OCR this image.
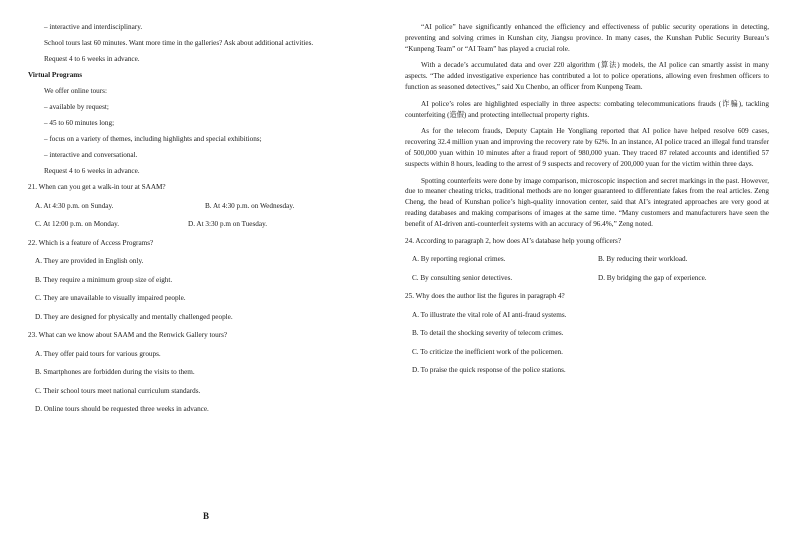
– interactive and interdisciplinary.
School tours last 60 minutes. Want more time in the galleries? Ask about additional activities.
Request 4 to 6 weeks in advance.
Virtual Programs
We offer online tours:
– available by request;
– 45 to 60 minutes long;
– focus on a variety of themes, including highlights and special exhibitions;
– interactive and conversational.
Request 4 to 6 weeks in advance.
21. When can you get a walk-in tour at SAAM?
A. At 4:30 p.m. on Sunday.	B. At 4:30 p.m. on Wednesday.
C. At 12:00 p.m. on Monday.	D. At 3:30 p.m on Tuesday.
22. Which is a feature of Access Programs?
A. They are provided in English only.
B. They require a minimum group size of eight.
C. They are unavailable to visually impaired people.
D. They are designed for physically and mentally challenged people.
23. What can we know about SAAM and the Renwick Gallery tours?
A. They offer paid tours for various groups.
B. Smartphones are forbidden during the visits to them.
C. Their school tours meet national curriculum standards.
D. Online tours should be requested three weeks in advance.
B

“AI police” have significantly enhanced the efficiency and effectiveness of public security operations in detecting, preventing and solving crimes in Kunshan city, Jiangsu province. In many cases, the Kunshan Public Security Bureau’s “Kunpeng Team” or “AI Team” has played a crucial role.

With a decade’s accumulated data and over 220 algorithm (算法) models, the AI police can smartly assist in many aspects. “The added investigative experience has contributed a lot to police operations, allowing even freshmen officers to function as seasoned detectives,” said Xu Chenbo, an officer from Kunpeng Team.

AI police’s roles are highlighted especially in three aspects: combating telecommunications frauds (诈骗), tackling counterfeiting (造假) and protecting intellectual property rights.

As for the telecom frauds, Deputy Captain He Yongliang reported that AI police have helped resolve 609 cases, recovering 32.4 million yuan and improving the recovery rate by 62%. In an instance, AI police traced an illegal fund transfer of 500,000 yuan within 10 minutes after a fraud report of 980,000 yuan. They traced 87 related accounts and identified 57 suspects within 8 hours, leading to the arrest of 9 suspects and recovery of 200,000 yuan for the victim within three days.

Spotting counterfeits were done by image comparison, microscopic inspection and secret markings in the past. However, due to meaner cheating tricks, traditional methods are no longer guaranteed to differentiate fakes from the real articles. Zeng Cheng, the head of Kunshan police’s high-quality innovation center, said that AI’s integrated approaches are very good at reading databases and making comparisons of images at the same time. “Many customers and manufacturers have seen the benefit of AI-driven anti-counterfeit systems with an accuracy of 96.4%,” Zeng noted.

24. According to paragraph 2, how does AI’s database help young officers?
A. By reporting regional crimes.	B. By reducing their workload.
C. By consulting senior detectives.	D. By bridging the gap of experience.
25. Why does the author list the figures in paragraph 4?
A. To illustrate the vital role of AI anti-fraud systems.
B. To detail the shocking severity of telecom crimes.
C. To criticize the inefficient work of the policemen.
D. To praise the quick response of the police stations.
